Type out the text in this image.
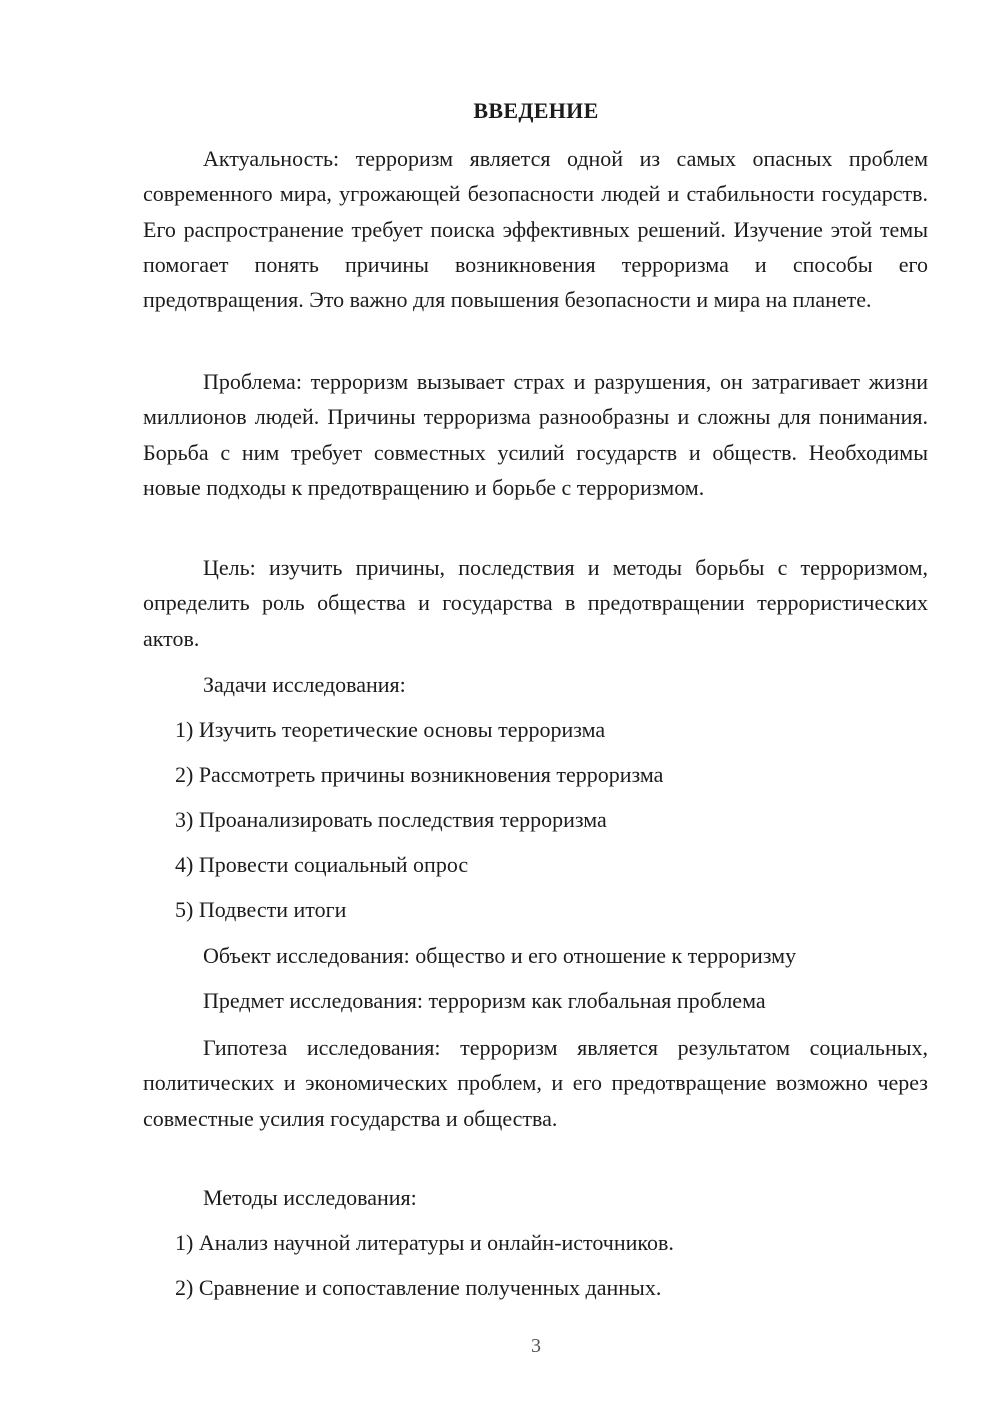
ВВЕДЕНИЕ

Актуальность: терроризм является одной из самых опасных проблем современного мира, угрожающей безопасности людей и стабильности государств. Его распространение требует поиска эффективных решений. Изучение этой темы помогает понять причины возникновения терроризма и способы его предотвращения. Это важно для повышения безопасности и мира на планете.

Проблема: терроризм вызывает страх и разрушения, он затрагивает жизни миллионов людей. Причины терроризма разнообразны и сложны для понимания. Борьба с ним требует совместных усилий государств и обществ. Необходимы новые подходы к предотвращению и борьбе с терроризмом.

Цель: изучить причины, последствия и методы борьбы с терроризмом, определить роль общества и государства в предотвращении террористических актов.

Задачи исследования:
1) Изучить теоретические основы терроризма
2) Рассмотреть причины возникновения терроризма
3) Проанализировать последствия терроризма
4) Провести социальный опрос
5) Подвести итоги
Объект исследования: общество и его отношение к терроризму
Предмет исследования: терроризм как глобальная проблема

Гипотеза исследования: терроризм является результатом социальных, политических и экономических проблем, и его предотвращение возможно через совместные усилия государства и общества.

Методы исследования:
1) Анализ научной литературы и онлайн-источников.
2) Сравнение и сопоставление полученных данных.
3
